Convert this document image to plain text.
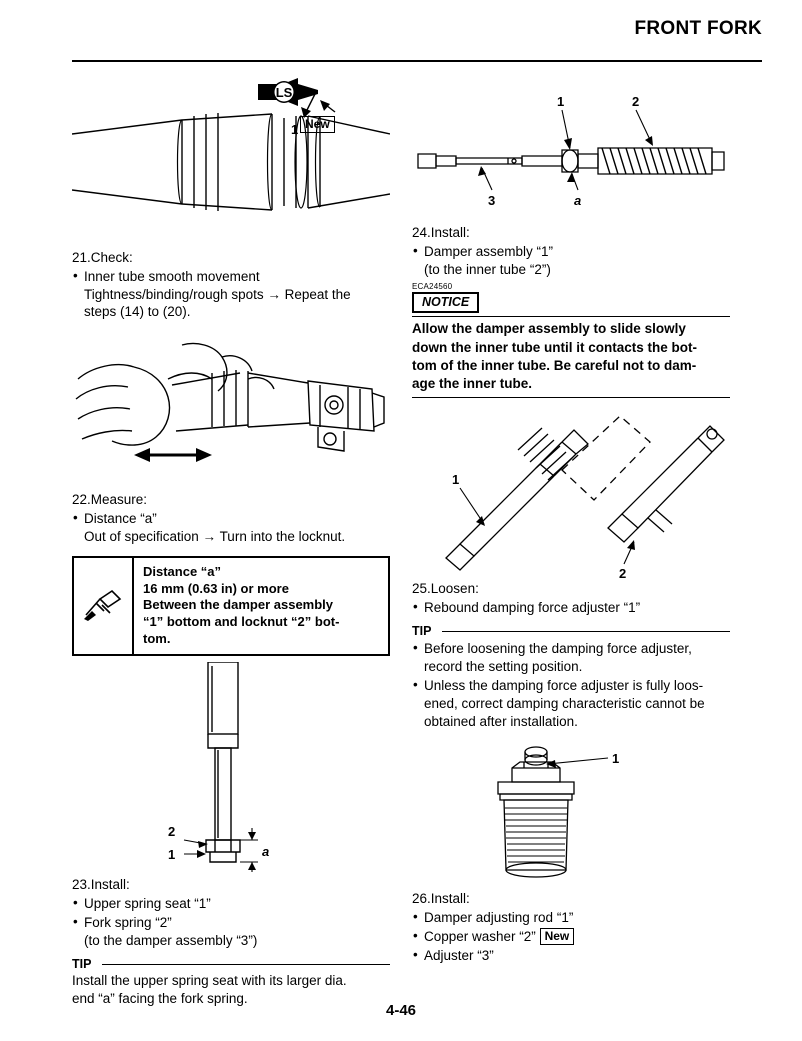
FRONT FORK
LS
1 New
21.Check:
• Inner tube smooth movement
Tightness/binding/rough spots → Repeat the
steps (14) to (20).
22.Measure:
• Distance “a”
Out of specification → Turn into the locknut.
Distance “a”
16 mm (0.63 in) or more
Between the damper assembly
“1” bottom and locknut “2” bot-
tom.
2
1	a
23.Install:
• Upper spring seat “1”
• Fork spring “2”
(to the damper assembly “3”)
TIP
Install the upper spring seat with its larger dia.
end “a” facing the fork spring.
1	2
3	a
24.Install:
• Damper assembly “1”
(to the inner tube “2”)
ECA24560
NOTICE
Allow the damper assembly to slide slowly
down the inner tube until it contacts the bot-
tom of the inner tube. Be careful not to dam-
age the inner tube.
1
2
25.Loosen:
• Rebound damping force adjuster “1”
TIP
• Before loosening the damping force adjuster,
record the setting position.
• Unless the damping force adjuster is fully loos-
ened, correct damping characteristic cannot be
obtained after installation.
1
26.Install:
• Damper adjusting rod “1”
• Copper washer “2” New
• Adjuster “3”
4-46
